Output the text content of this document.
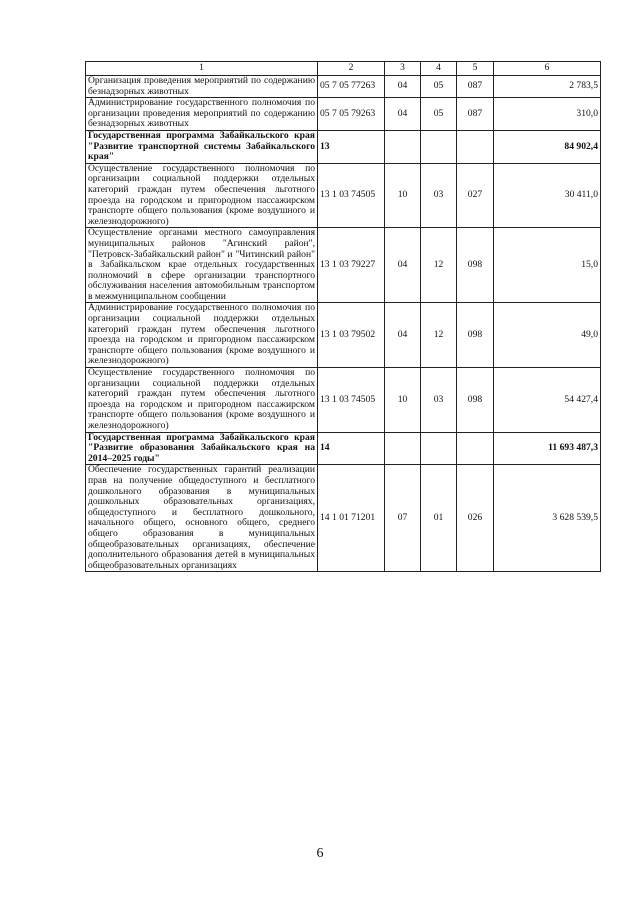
1	2	3	4	5	6
Организация проведения мероприятий по содержанию безнадзорных животных	05 7 05 77263	04	05	087	2 783,5
Администрирование государственного полномочия по организации проведения мероприятий по содержанию безнадзорных животных	05 7 05 79263	04	05	087	310,0
Государственная программа Забайкальского края "Развитие транспортной системы Забайкальского края"	13				84 902,4
Осуществление государственного полномочия по организации социальной поддержки отдельных категорий граждан путем обеспечения льготного проезда на городском и пригородном пассажирском транспорте общего пользования (кроме воздушного и железнодорожного)	13 1 03 74505	10	03	027	30 411,0
Осуществление органами местного самоуправления муниципальных районов "Агинский район", "Петровск-Забайкальский район" и "Читинский район" в Забайкальском крае отдельных государственных полномочий в сфере организации транспортного обслуживания населения автомобильным транспортом в межмуниципальном сообщении	13 1 03 79227	04	12	098	15,0
Администрирование государственного полномочия по организации социальной поддержки отдельных категорий граждан путем обеспечения льготного проезда на городском и пригородном пассажирском транспорте общего пользования (кроме воздушного и железнодорожного)	13 1 03 79502	04	12	098	49,0
Осуществление государственного полномочия по организации социальной поддержки отдельных категорий граждан путем обеспечения льготного проезда на городском и пригородном пассажирском транспорте общего пользования (кроме воздушного и железнодорожного)	13 1 03 74505	10	03	098	54 427,4
Государственная программа Забайкальского края "Развитие образования Забайкальского края на 2014–2025 годы"	14				11 693 487,3
Обеспечение государственных гарантий реализации прав на получение общедоступного и бесплатного дошкольного образования в муниципальных дошкольных образовательных организациях, общедоступного и бесплатного дошкольного, начального общего, основного общего, среднего общего образования в муниципальных общеобразовательных организациях, обеспечение дополнительного образования детей в муниципальных общеобразовательных организациях	14 1 01 71201	07	01	026	3 628 539,5
6
